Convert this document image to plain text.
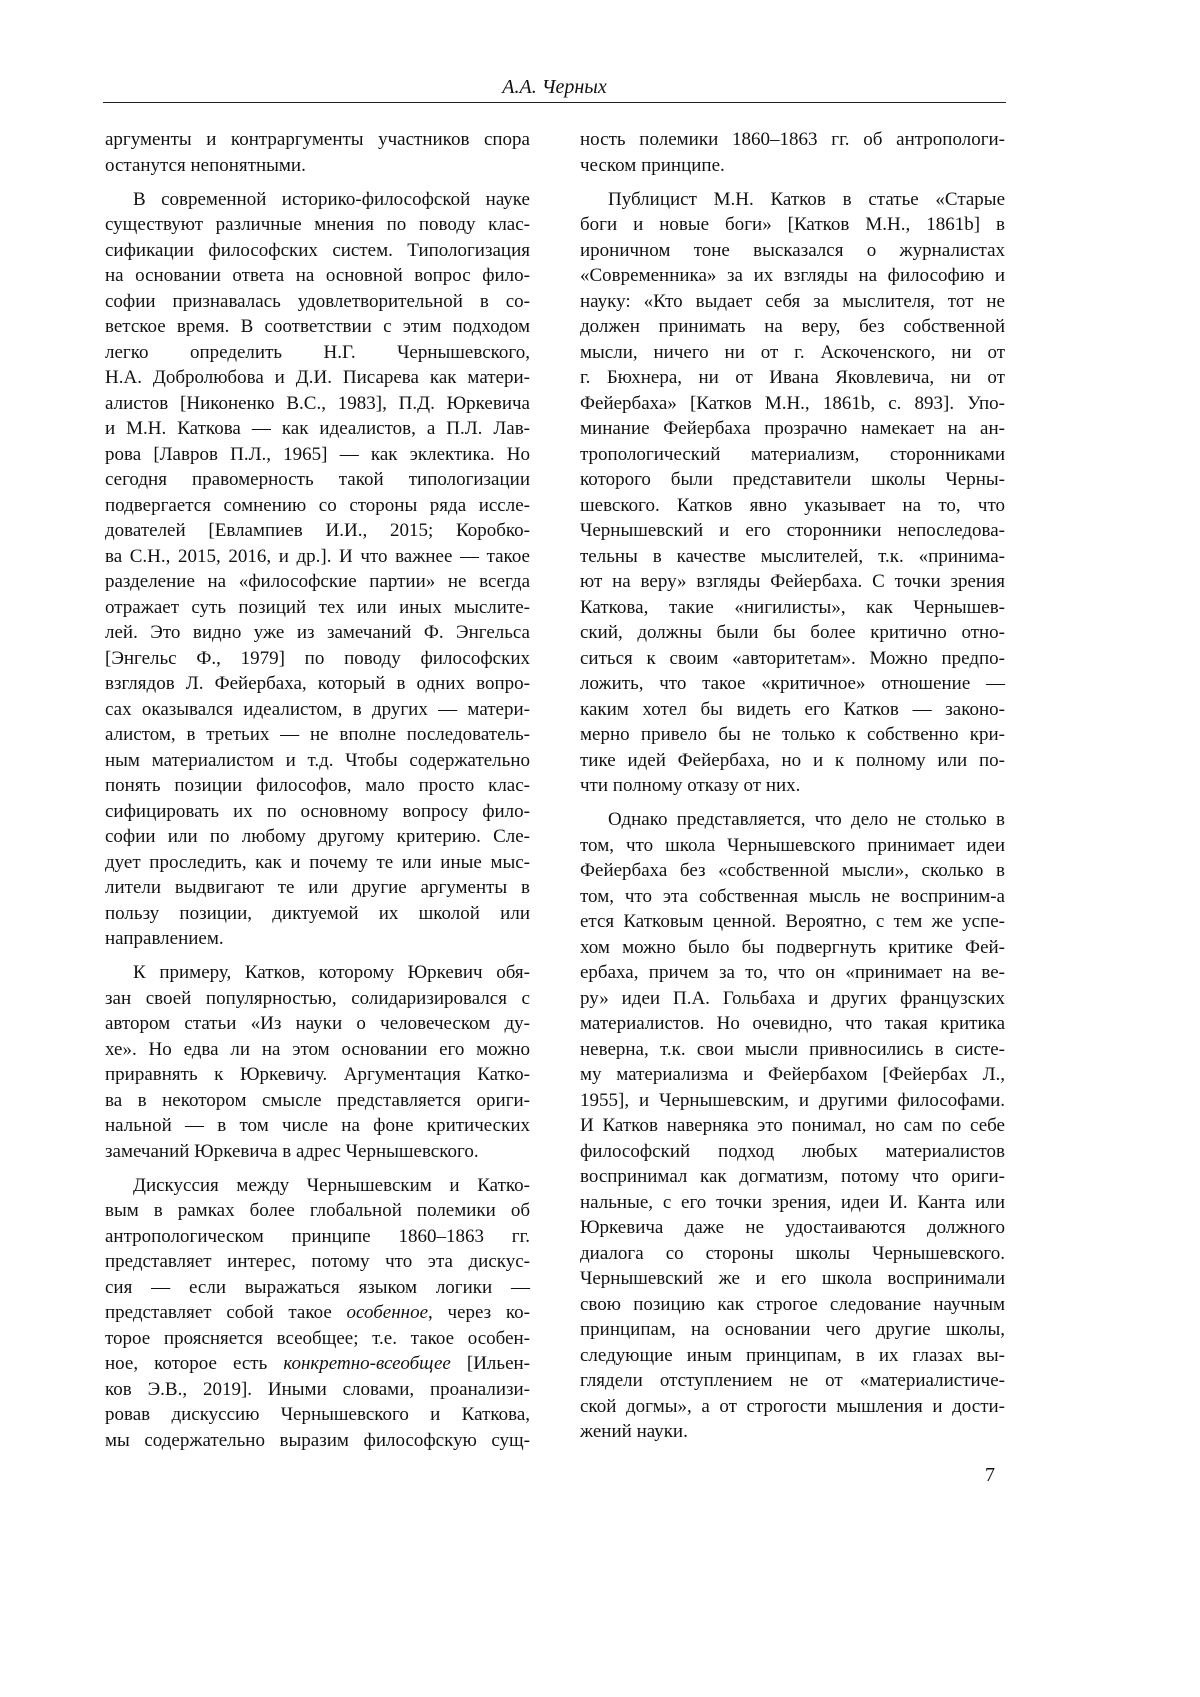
А.А. Черных
аргументы и контраргументы участников спора
останутся непонятными.
В современной историко-философской науке
существуют различные мнения по поводу клас-
сификации философских систем. Типологизация
на основании ответа на основной вопрос фило-
софии признавалась удовлетворительной в со-
ветское время. В соответствии с этим подходом
легко определить Н.Г. Чернышевского,
Н.А. Добролюбова и Д.И. Писарева как матери-
алистов [Никоненко В.С., 1983], П.Д. Юркевича
и М.Н. Каткова — как идеалистов, а П.Л. Лав-
рова [Лавров П.Л., 1965] — как эклектика. Но
сегодня правомерность такой типологизации
подвергается сомнению со стороны ряда иссле-
дователей [Евлампиев И.И., 2015; Коробко-
ва С.Н., 2015, 2016, и др.]. И что важнее — такое
разделение на «философские партии» не всегда
отражает суть позиций тех или иных мыслите-
лей. Это видно уже из замечаний Ф. Энгельса
[Энгельс Ф., 1979] по поводу философских
взглядов Л. Фейербаха, который в одних вопро-
сах оказывался идеалистом, в других — матери-
алистом, в третьих — не вполне последователь-
ным материалистом и т.д. Чтобы содержательно
понять позиции философов, мало просто клас-
сифицировать их по основному вопросу фило-
софии или по любому другому критерию. Сле-
дует проследить, как и почему те или иные мыс-
лители выдвигают те или другие аргументы в
пользу позиции, диктуемой их школой или
направлением.
К примеру, Катков, которому Юркевич обя-
зан своей популярностью, солидаризировался с
автором статьи «Из науки о человеческом ду-
хе». Но едва ли на этом основании его можно
приравнять к Юркевичу. Аргументация Катко-
ва в некотором смысле представляется ориги-
нальной — в том числе на фоне критических
замечаний Юркевича в адрес Чернышевского.
Дискуссия между Чернышевским и Катко-
вым в рамках более глобальной полемики об
антропологическом принципе 1860–1863 гг.
представляет интерес, потому что эта дискус-
сия — если выражаться языком логики —
представляет собой такое особенное, через ко-
торое проясняется всеобщее; т.е. такое особен-
ное, которое есть конкретно-всеобщее [Ильен-
ков Э.В., 2019]. Иными словами, проанализи-
ровав дискуссию Чернышевского и Каткова,
мы содержательно выразим философскую сущ-
ность полемики 1860–1863 гг. об антропологи-
ческом принципе.
Публицист М.Н. Катков в статье «Старые
боги и новые боги» [Катков М.Н., 1861b] в
ироничном тоне высказался о журналистах
«Современника» за их взгляды на философию и
науку: «Кто выдает себя за мыслителя, тот не
должен принимать на веру, без собственной
мысли, ничего ни от г. Аскоченского, ни от
г. Бюхнера, ни от Ивана Яковлевича, ни от
Фейербаха» [Катков М.Н., 1861b, с. 893]. Упо-
минание Фейербаха прозрачно намекает на ан-
тропологический материализм, сторонниками
которого были представители школы Черны-
шевского. Катков явно указывает на то, что
Чернышевский и его сторонники непоследова-
тельны в качестве мыслителей, т.к. «принима-
ют на веру» взгляды Фейербаха. С точки зрения
Каткова, такие «нигилисты», как Чернышев-
ский, должны были бы более критично отно-
ситься к своим «авторитетам». Можно предпо-
ложить, что такое «критичное» отношение —
каким хотел бы видеть его Катков — законо-
мерно привело бы не только к собственно кри-
тике идей Фейербаха, но и к полному или по-
чти полному отказу от них.
Однако представляется, что дело не столько в
том, что школа Чернышевского принимает идеи
Фейербаха без «собственной мысли», сколько в
том, что эта собственная мысль не восприним-а
ется Катковым ценной. Вероятно, с тем же успе-
хом можно было бы подвергнуть критике Фей-
ербаха, причем за то, что он «принимает на ве-
ру» идеи П.А. Гольбаха и других французских
материалистов. Но очевидно, что такая критика
неверна, т.к. свои мысли привносились в систе-
му материализма и Фейербахом [Фейербах Л.,
1955], и Чернышевским, и другими философами.
И Катков наверняка это понимал, но сам по себе
философский подход любых материалистов
воспринимал как догматизм, потому что ориги-
нальные, с его точки зрения, идеи И. Канта или
Юркевича даже не удостаиваются должного
диалога со стороны школы Чернышевского.
Чернышевский же и его школа воспринимали
свою позицию как строгое следование научным
принципам, на основании чего другие школы,
следующие иным принципам, в их глазах вы-
глядели отступлением не от «материалистиче-
ской догмы», а от строгости мышления и дости-
жений науки.
7
